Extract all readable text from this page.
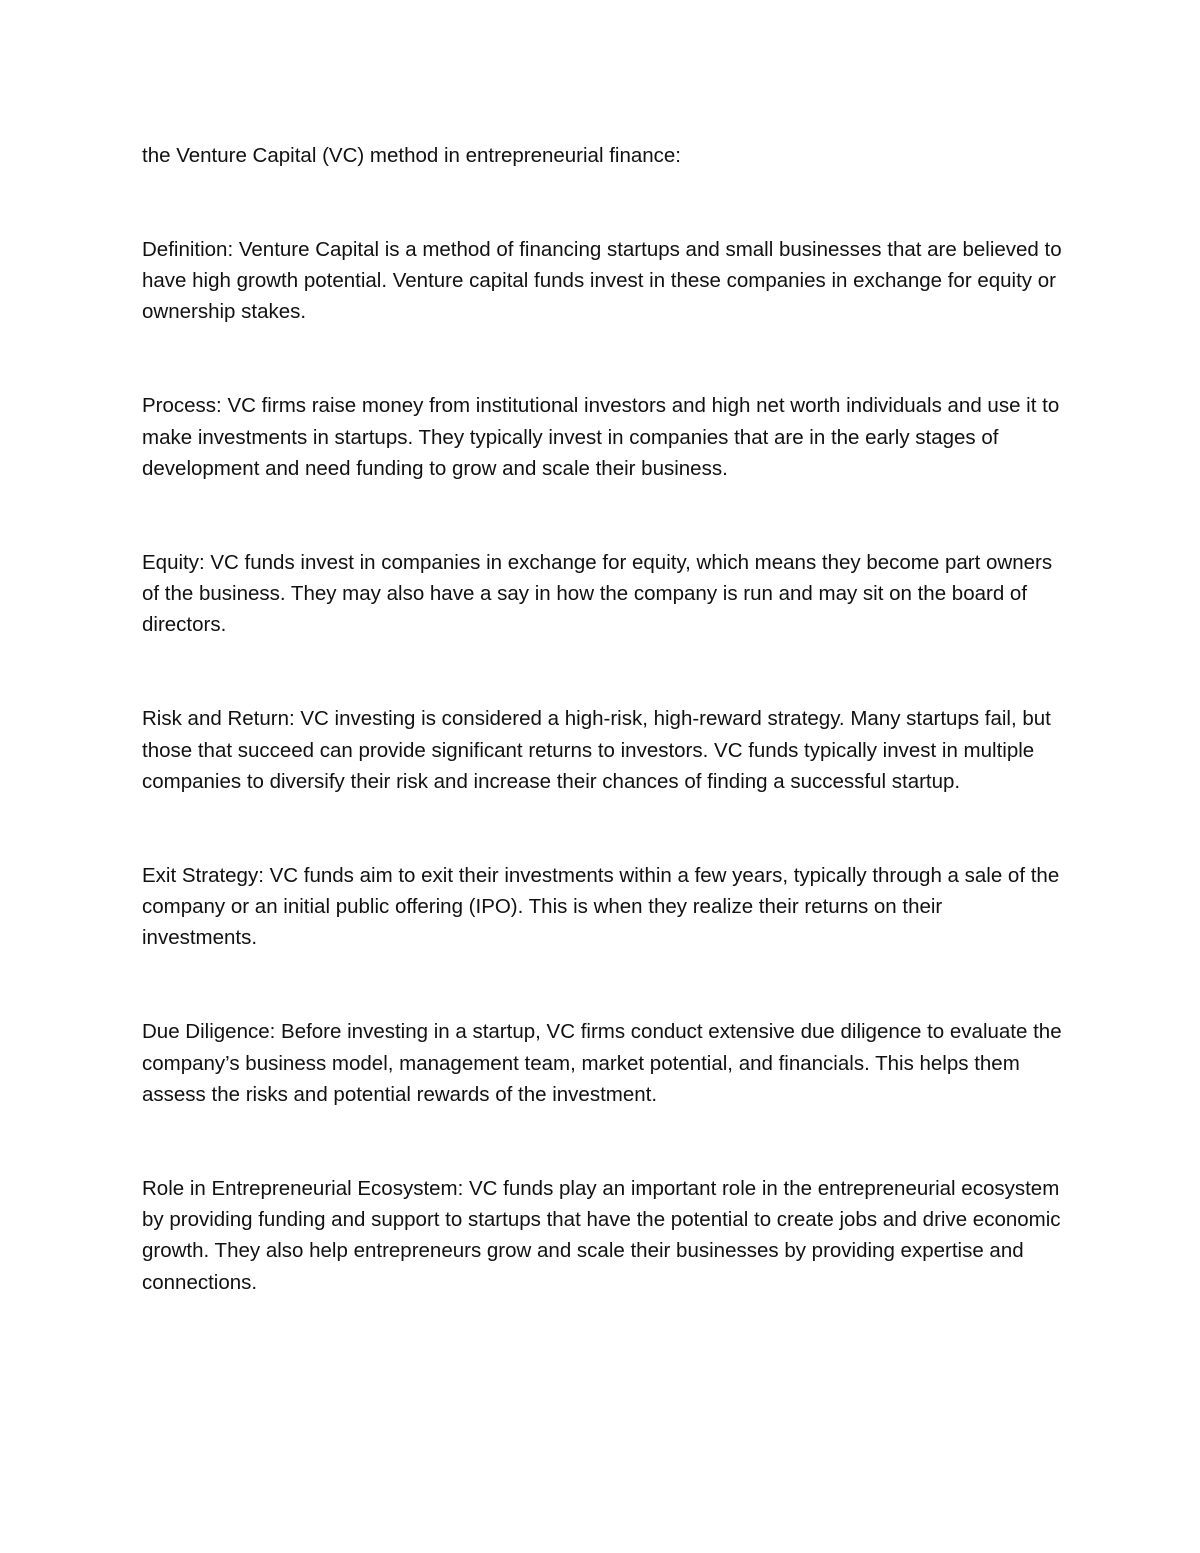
the Venture Capital (VC) method in entrepreneurial finance:

Definition: Venture Capital is a method of financing startups and small businesses that are believed to have high growth potential. Venture capital funds invest in these companies in exchange for equity or ownership stakes.

Process: VC firms raise money from institutional investors and high net worth individuals and use it to make investments in startups. They typically invest in companies that are in the early stages of development and need funding to grow and scale their business.

Equity: VC funds invest in companies in exchange for equity, which means they become part owners of the business. They may also have a say in how the company is run and may sit on the board of directors.

Risk and Return: VC investing is considered a high-risk, high-reward strategy. Many startups fail, but those that succeed can provide significant returns to investors. VC funds typically invest in multiple companies to diversify their risk and increase their chances of finding a successful startup.

Exit Strategy: VC funds aim to exit their investments within a few years, typically through a sale of the company or an initial public offering (IPO). This is when they realize their returns on their investments.

Due Diligence: Before investing in a startup, VC firms conduct extensive due diligence to evaluate the company’s business model, management team, market potential, and financials. This helps them assess the risks and potential rewards of the investment.

Role in Entrepreneurial Ecosystem: VC funds play an important role in the entrepreneurial ecosystem by providing funding and support to startups that have the potential to create jobs and drive economic growth. They also help entrepreneurs grow and scale their businesses by providing expertise and connections.
